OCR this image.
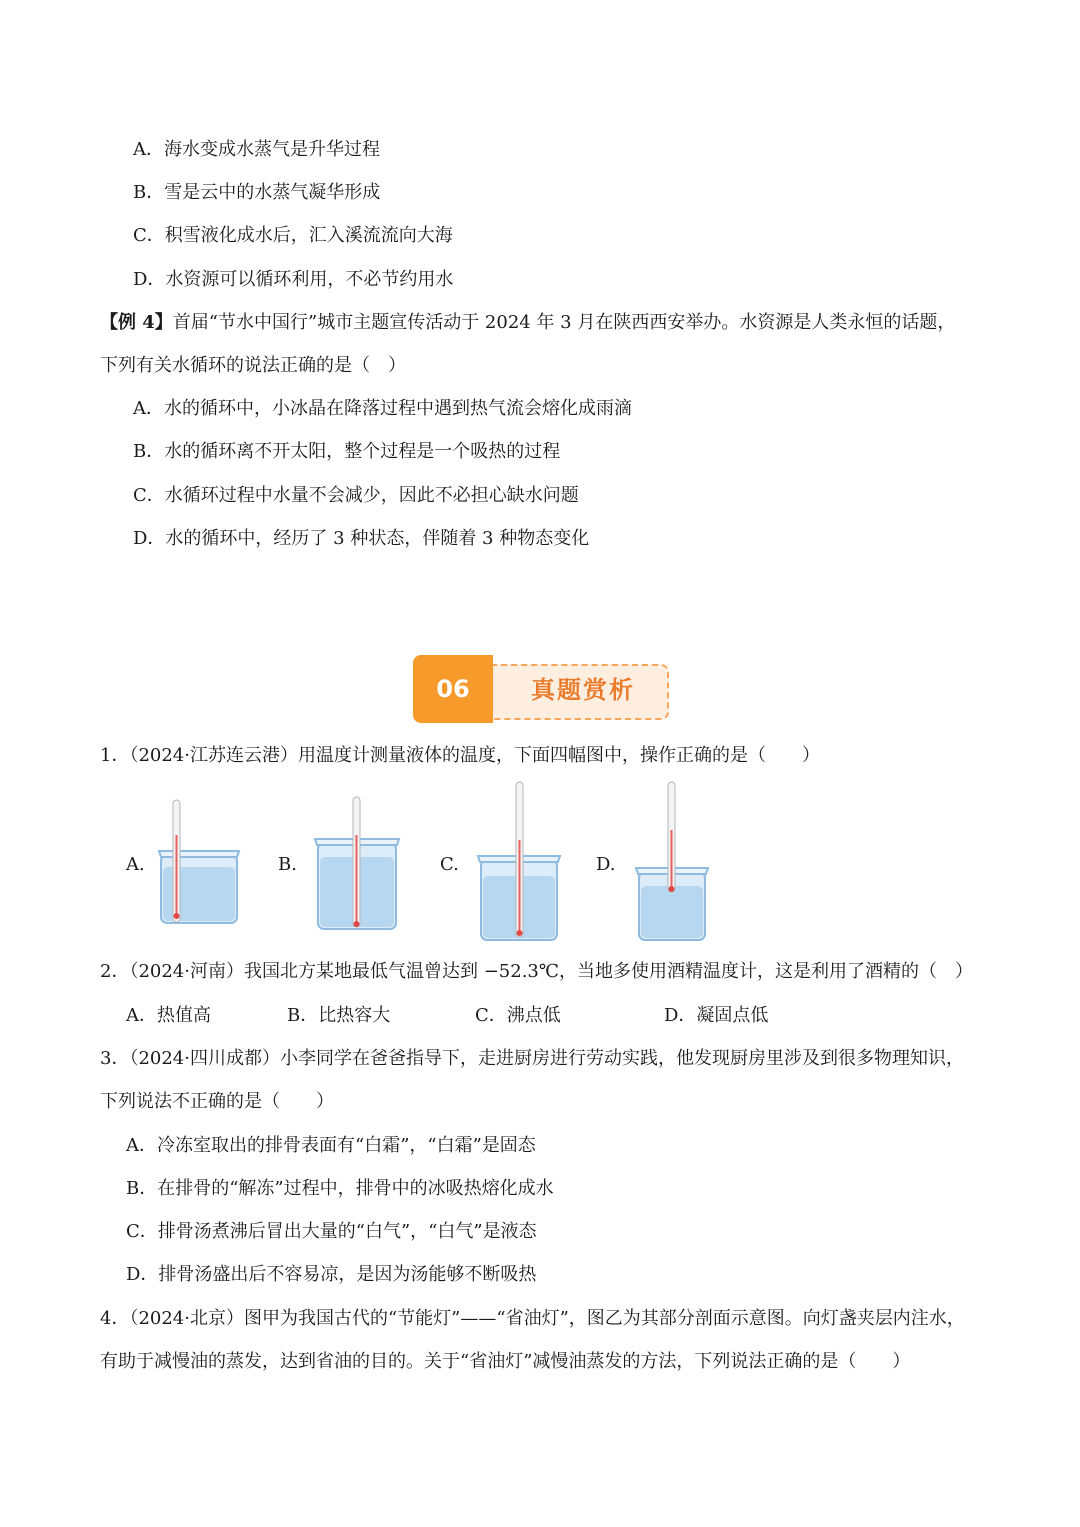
A．海水变成水蒸气是升华过程
B．雪是云中的水蒸气凝华形成
C．积雪液化成水后，汇入溪流流向大海
D．水资源可以循环利用，不必节约用水
【例 4】首届“节水中国行”城市主题宣传活动于 2024 年 3 月在陕西西安举办。水资源是人类永恒的话题，
下列有关水循环的说法正确的是（　）
A．水的循环中，小冰晶在降落过程中遇到热气流会熔化成雨滴
B．水的循环离不开太阳，整个过程是一个吸热的过程
C．水循环过程中水量不会减少，因此不必担心缺水问题
D．水的循环中，经历了 3 种状态，伴随着 3 种物态变化
06	真题赏析
1．（2024·江苏连云港）用温度计测量液体的温度，下面四幅图中，操作正确的是（　　）
A.	B.	C.	D.
2．（2024·河南）我国北方某地最低气温曾达到 −52.3℃，当地多使用酒精温度计，这是利用了酒精的（　）
A．热值高	B．比热容大	C．沸点低	D．凝固点低
3．（2024·四川成都）小李同学在爸爸指导下，走进厨房进行劳动实践，他发现厨房里涉及到很多物理知识，
下列说法不正确的是（　　）
A．冷冻室取出的排骨表面有“白霜”，“白霜”是固态
B．在排骨的“解冻”过程中，排骨中的冰吸热熔化成水
C．排骨汤煮沸后冒出大量的“白气”，“白气”是液态
D．排骨汤盛出后不容易凉，是因为汤能够不断吸热
4．（2024·北京）图甲为我国古代的“节能灯”——“省油灯”，图乙为其部分剖面示意图。向灯盏夹层内注水，
有助于减慢油的蒸发，达到省油的目的。关于“省油灯”减慢油蒸发的方法，下列说法正确的是（　　）
